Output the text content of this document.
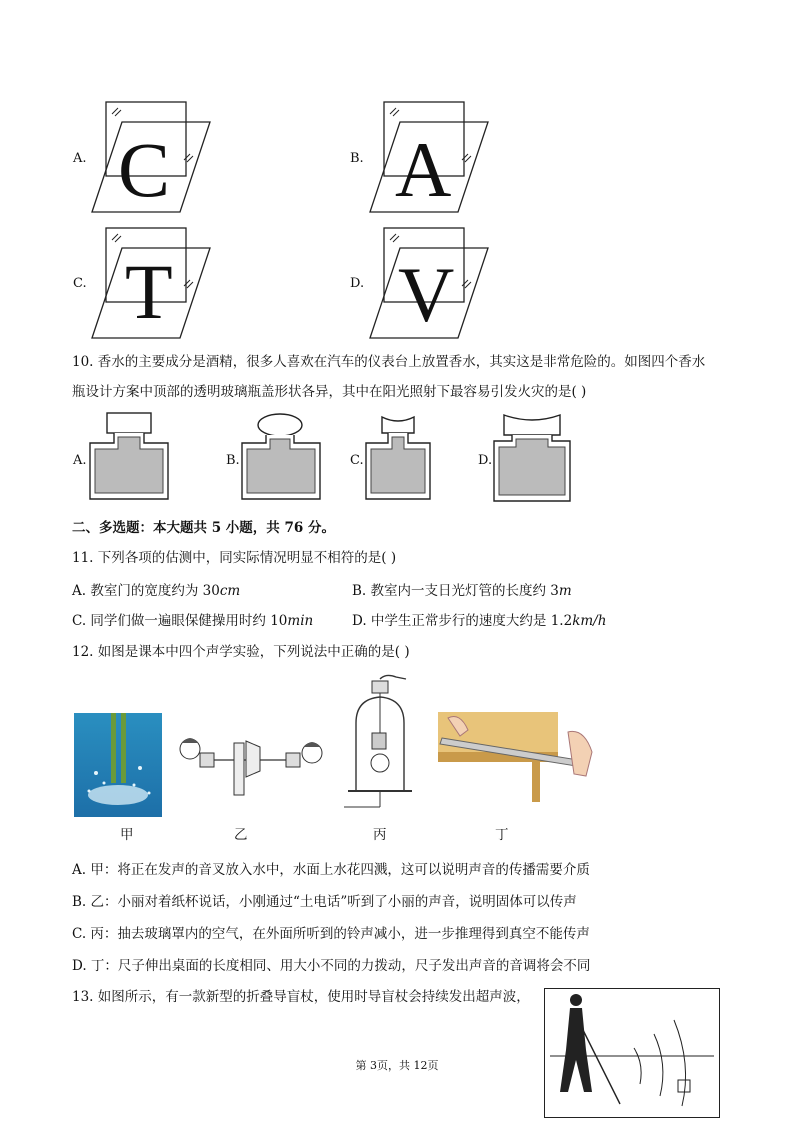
A. C	B. A
C. T	D. V
10. 香水的主要成分是酒精，很多人喜欢在汽车的仪表台上放置香水，其实这是非常危险的。如图四个香水
瓶设计方案中顶部的透明玻璃瓶盖形状各异，其中在阳光照射下最容易引发火灾的是( )
A.	B.	C.	D.
二、多选题：本大题共 5 小题，共 76 分。
11. 下列各项的估测中，同实际情况明显不相符的是( )
A. 教室门的宽度约为 30cm	B. 教室内一支日光灯管的长度约 3m
C. 同学们做一遍眼保健操用时约 10min	D. 中学生正常步行的速度大约是 1.2km/h
12. 如图是课本中四个声学实验，下列说法中正确的是( )
甲	乙	丙	丁
A. 甲：将正在发声的音叉放入水中，水面上水花四溅，这可以说明声音的传播需要介质
B. 乙：小丽对着纸杯说话，小刚通过“土电话”听到了小丽的声音，说明固体可以传声
C. 丙：抽去玻璃罩内的空气，在外面所听到的铃声减小，进一步推理得到真空不能传声
D. 丁：尺子伸出桌面的长度相同、用大小不同的力拨动，尺子发出声音的音调将会不同
13. 如图所示，有一款新型的折叠导盲杖，使用时导盲杖会持续发出超声波，
第 3页，共 12页
